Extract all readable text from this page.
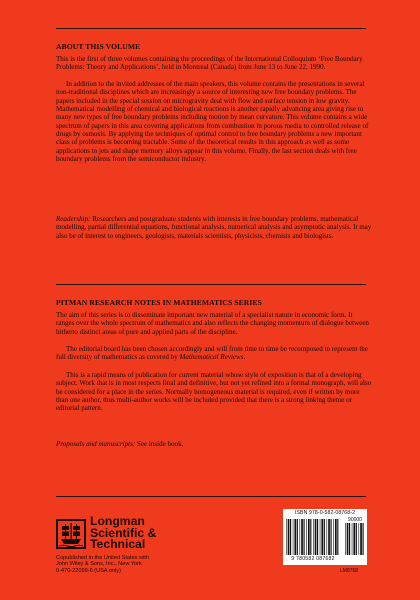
ABOUT THIS VOLUME

This is the first of three volumes containing the proceedings of the International Colloquium ‘Free Boundary Problems: Theory and Applications’, held in Montreal (Canada) from June 13 to June 22, 1990.

In addition to the invited addresses of the main speakers, this volume contains the presentations in several non-traditional disciplines which are increasingly a source of interesting new free boundary problems. The papers included in the special session on microgravity deal with flow and surface tension in low gravity. Mathematical modelling of chemical and biological reactions is another rapidly advancing area giving rise to many new types of free boundary problems including motion by mean curvature. This volume contains a wide spectrum of papers in this area covering applications from combustion in porous media to controlled release of drugs by osmosis. By applying the techniques of optimal control to free boundary problems a new important class of problems is becoming tractable. Some of the theoretical results in this approach as well as some applications to jets and shape memory alloys appear in this volume. Finally, the last section deals with free boundary problems from the semiconductor industry.

Readership: Researchers and postgraduate students with interests in free boundary problems, mathematical modelling, partial differential equations, functional analysis, numerical analysis and asymptotic analysis. It may also be of interest to engineers, geologists, materials scientists, physicists, chemists and biologists.

PITMAN RESEARCH NOTES IN MATHEMATICS SERIES

The aim of this series is to disseminate important new material of a specialist nature in economic form. It ranges over the whole spectrum of mathematics and also reflects the changing momentum of dialogue between hitherto distinct areas of pure and applied parts of the discipline.

The editorial board has been chosen accordingly and will from time to time be recomposed to represent the full diversity of mathematics as covered by Mathematical Reviews.

This is a rapid means of publication for current material whose style of exposition is that of a developing subject. Work that is in most respects final and definitive, but not yet refined into a formal monograph, will also be considered for a place in the series. Normally homogeneous material is required, even if written by more than one author, thus multi-author works will be included provided that there is a strong linking theme or editorial pattern.

Proposals and manuscripts: See inside book.

Longman
Scientific &
Technical
Copublished in the United States with
John Wiley & Sons, Inc., New York
0-470-22099-6 (USA only)
ISBN 978-0-582-08768-2
90000
9 780582 087682
LM8768
